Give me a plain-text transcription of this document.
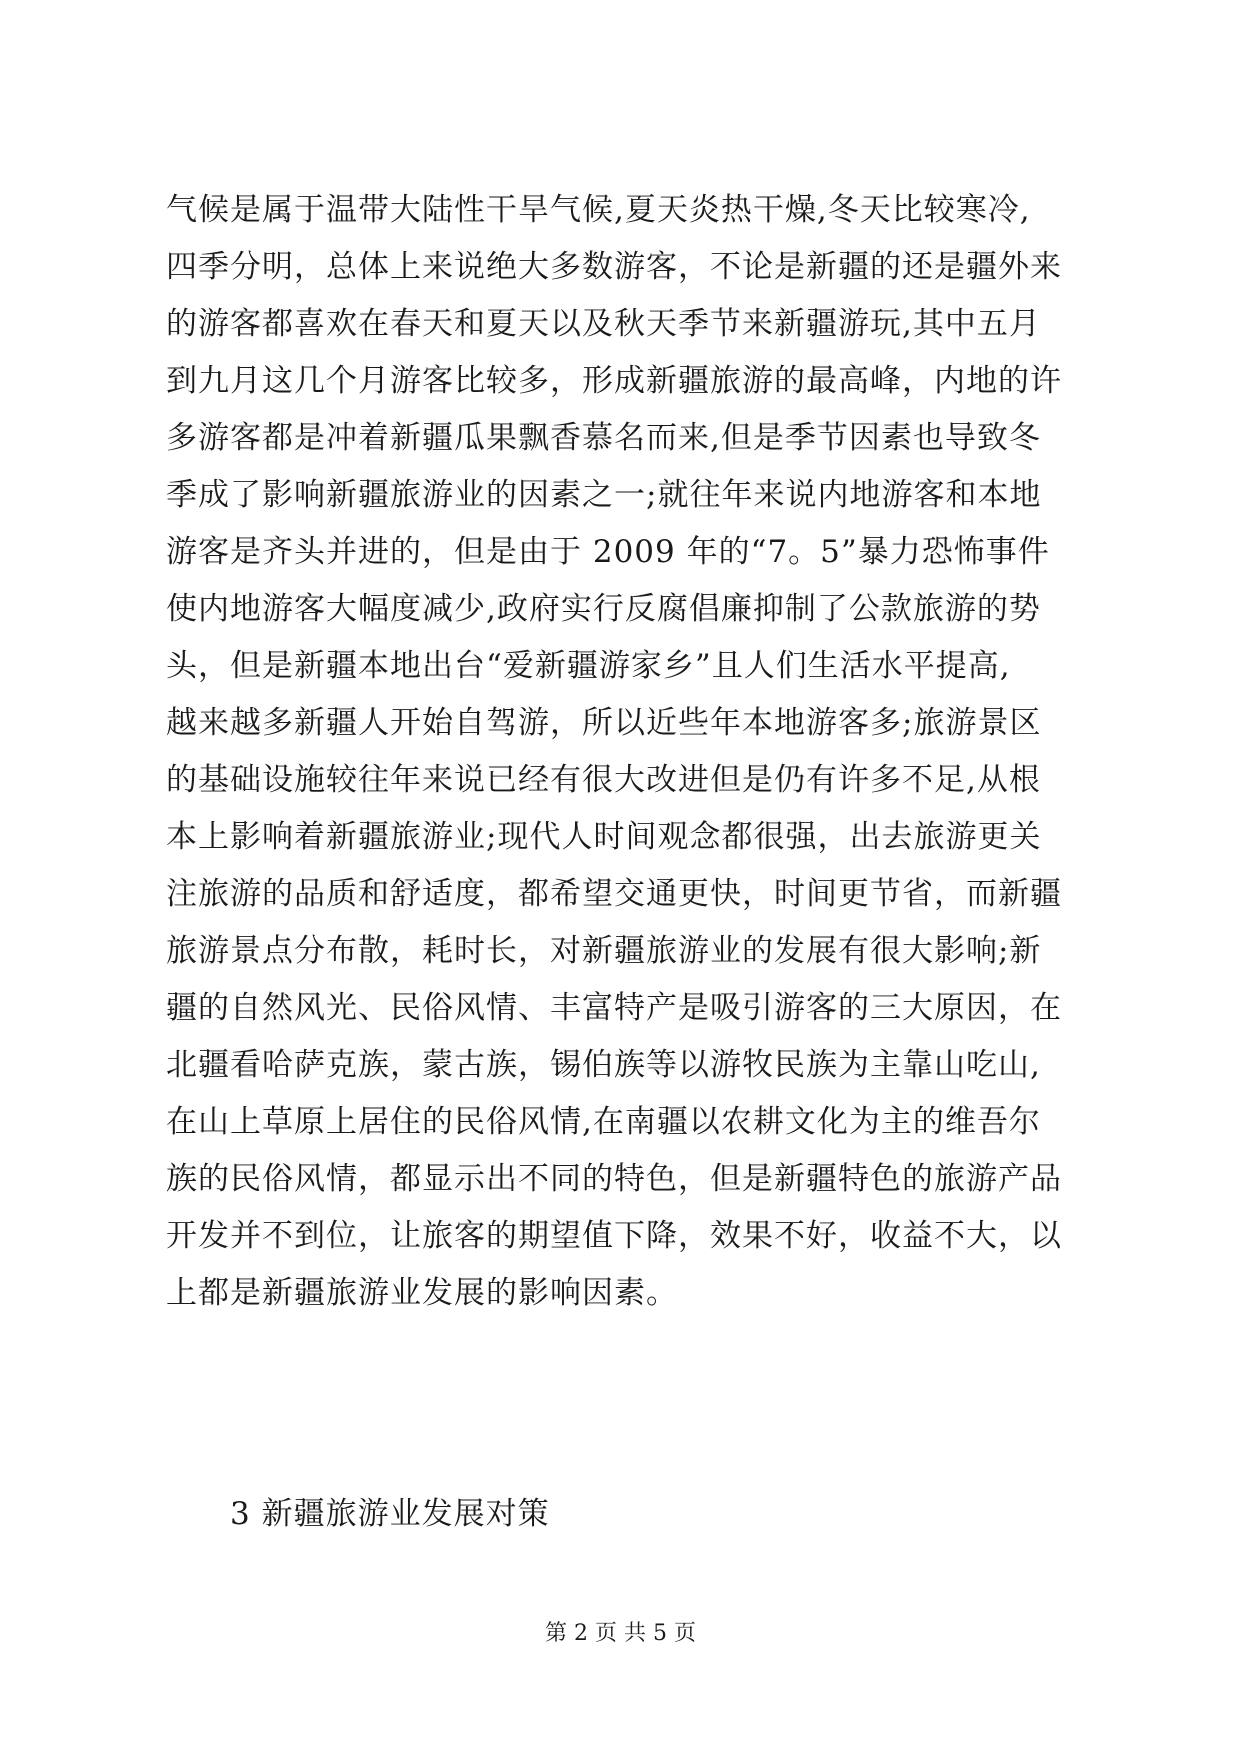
气候是属于温带大陆性干旱气候,夏天炎热干燥,冬天比较寒冷,
四季分明，总体上来说绝大多数游客，不论是新疆的还是疆外来
的游客都喜欢在春天和夏天以及秋天季节来新疆游玩,其中五月
到九月这几个月游客比较多，形成新疆旅游的最高峰，内地的许
多游客都是冲着新疆瓜果飘香慕名而来,但是季节因素也导致冬
季成了影响新疆旅游业的因素之一;就往年来说内地游客和本地
游客是齐头并进的，但是由于 2009 年的“7。5”暴力恐怖事件
使内地游客大幅度减少,政府实行反腐倡廉抑制了公款旅游的势
头，但是新疆本地出台“爱新疆游家乡”且人们生活水平提高,
越来越多新疆人开始自驾游，所以近些年本地游客多;旅游景区
的基础设施较往年来说已经有很大改进但是仍有许多不足,从根
本上影响着新疆旅游业;现代人时间观念都很强，出去旅游更关
注旅游的品质和舒适度，都希望交通更快，时间更节省，而新疆
旅游景点分布散，耗时长，对新疆旅游业的发展有很大影响;新
疆的自然风光、民俗风情、丰富特产是吸引游客的三大原因，在
北疆看哈萨克族，蒙古族，锡伯族等以游牧民族为主靠山吃山,
在山上草原上居住的民俗风情,在南疆以农耕文化为主的维吾尔
族的民俗风情，都显示出不同的特色，但是新疆特色的旅游产品
开发并不到位，让旅客的期望值下降，效果不好，收益不大，以
上都是新疆旅游业发展的影响因素。
3 新疆旅游业发展对策
第 2 页 共 5 页
